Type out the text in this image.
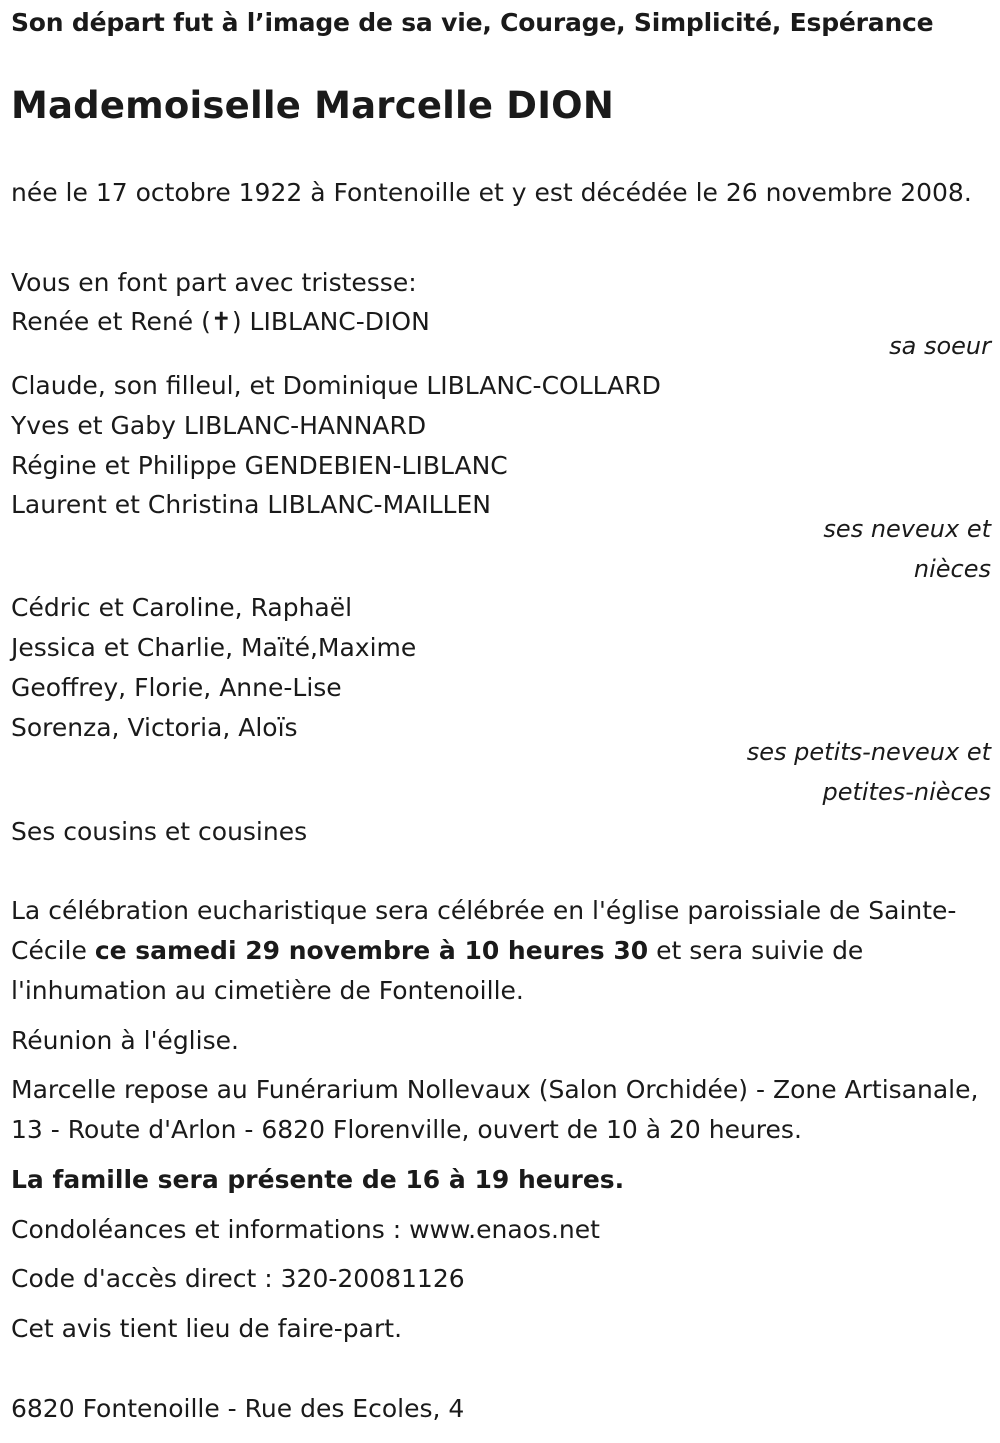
Son départ fut à l’image de sa vie, Courage, Simplicité, Espérance
Mademoiselle Marcelle DION
née le 17 octobre 1922 à Fontenoille et y est décédée le 26 novembre 2008.
Vous en font part avec tristesse:
Renée et René (✝) LIBLANC-DION
sa soeur
Claude, son filleul, et Dominique LIBLANC-COLLARD
Yves et Gaby LIBLANC-HANNARD
Régine et Philippe GENDEBIEN-LIBLANC
Laurent et Christina LIBLANC-MAILLEN
ses neveux et
nièces
Cédric et Caroline, Raphaël
Jessica et Charlie, Maïté,Maxime
Geoffrey, Florie, Anne-Lise
Sorenza, Victoria, Aloïs
ses petits-neveux et
petites-nièces
Ses cousins et cousines
La célébration eucharistique sera célébrée en l'église paroissiale de Sainte-Cécile ce samedi 29 novembre à 10 heures 30 et sera suivie de l'inhumation au cimetière de Fontenoille.
Réunion à l'église.
Marcelle repose au Funérarium Nollevaux (Salon Orchidée) - Zone Artisanale, 13 - Route d'Arlon - 6820 Florenville, ouvert de 10 à 20 heures.
La famille sera présente de 16 à 19 heures.
Condoléances et informations : www.enaos.net
Code d'accès direct : 320-20081126
Cet avis tient lieu de faire-part.
6820 Fontenoille - Rue des Ecoles, 4
